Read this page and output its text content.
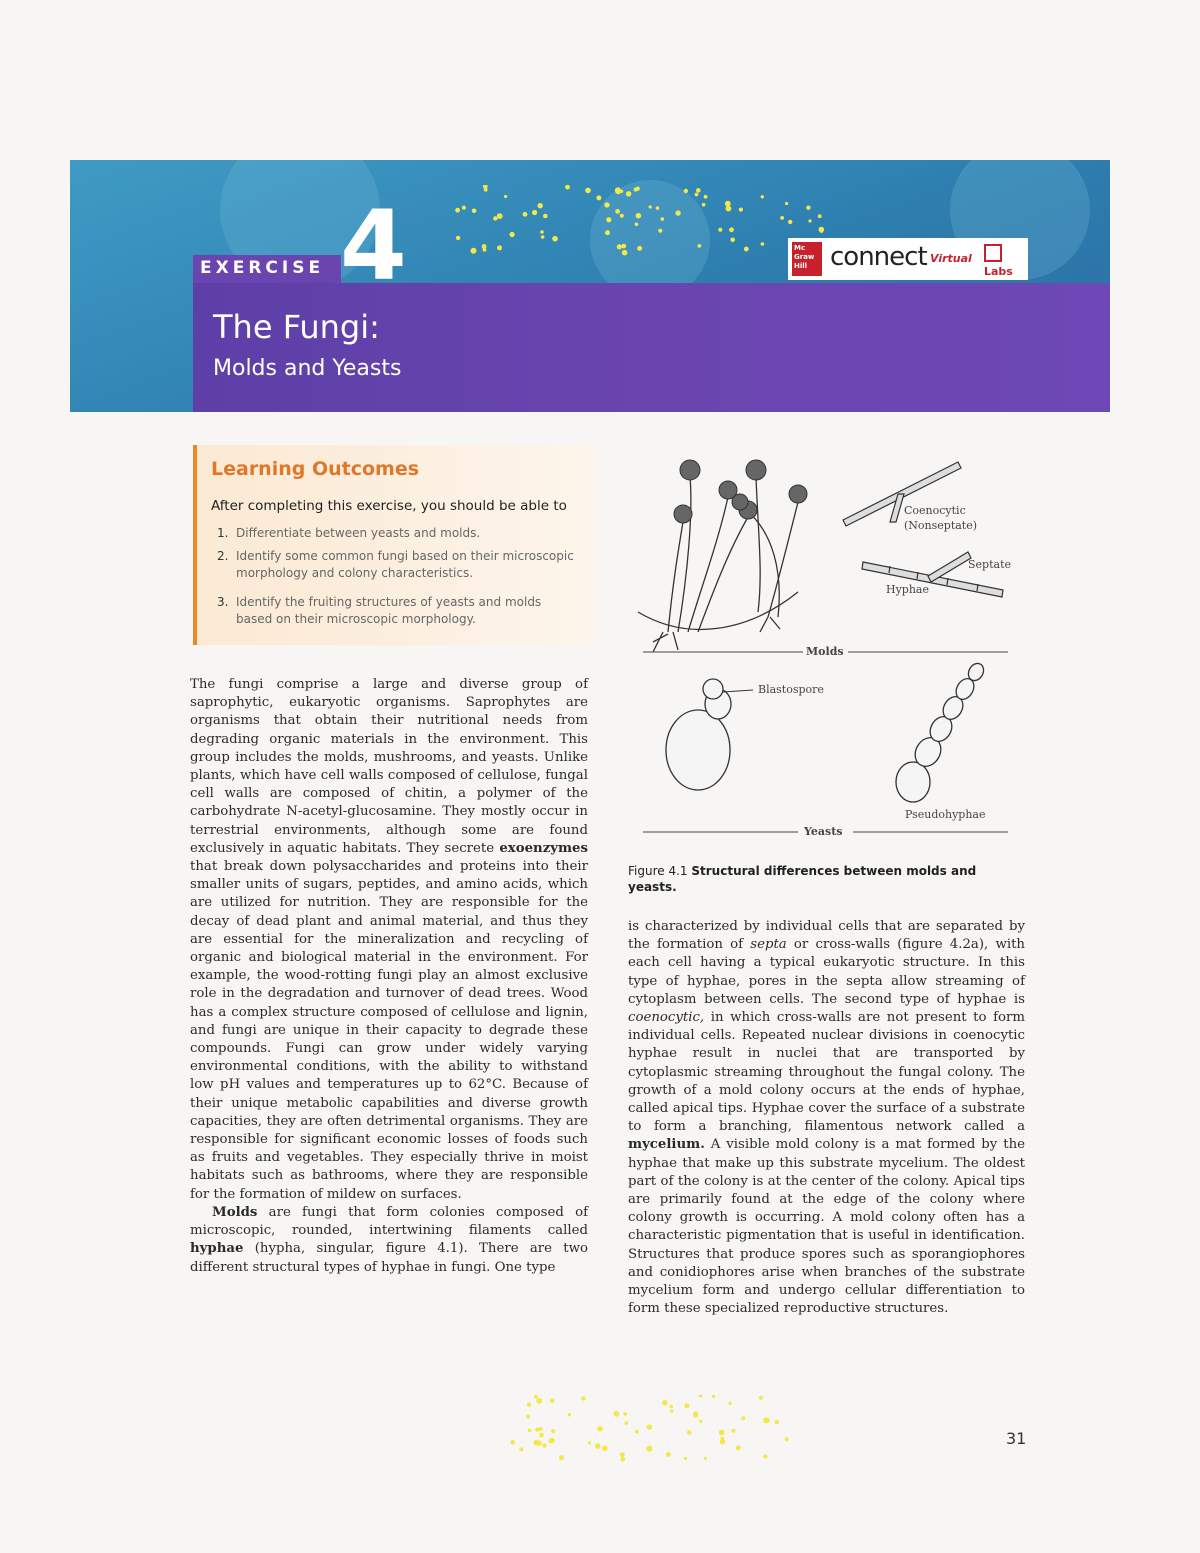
EXERCISE 4	Mc Graw Hill connect Virtual
Labs
The Fungi:
Molds and Yeasts
Learning Outcomes
After completing this exercise, you should be able to
1. Differentiate between yeasts and molds.
2. Identify some common fungi based on their microscopic morphology and colony characteristics.
3. Identify the fruiting structures of yeasts and molds based on their microscopic morphology.
Coenocytic
(Nonseptate)
Septate
Hyphae
Molds
Blastospore
Pseudohyphae
Yeasts
Figure 4.1 Structural differences between molds and yeasts.

The fungi comprise a large and diverse group of saprophytic, eukaryotic organisms. Saprophytes are organisms that obtain their nutritional needs from degrading organic materials in the environment. This group includes the molds, mushrooms, and yeasts. Unlike plants, which have cell walls composed of cellulose, fungal cell walls are composed of chitin, a polymer of the carbohydrate N-acetyl-glucosamine. They mostly occur in terrestrial environments, although some are found exclusively in aquatic habitats. They secrete exoenzymes that break down polysaccharides and proteins into their smaller units of sugars, peptides, and amino acids, which are utilized for nutrition. They are responsible for the decay of dead plant and animal material, and thus they are essential for the mineralization and recycling of organic and biological material in the environment. For example, the wood-rotting fungi play an almost exclusive role in the degradation and turnover of dead trees. Wood has a complex structure composed of cellulose and lignin, and fungi are unique in their capacity to degrade these compounds. Fungi can grow under widely varying environmental conditions, with the ability to withstand low pH values and temperatures up to 62°C. Because of their unique metabolic capabilities and diverse growth capacities, they are often detrimental organisms. They are responsible for significant economic losses of foods such as fruits and vegetables. They especially thrive in moist habitats such as bathrooms, where they are responsible for the formation of mildew on surfaces.

Molds are fungi that form colonies composed of microscopic, rounded, intertwining filaments called hyphae (hypha, singular, figure 4.1). There are two different structural types of hyphae in fungi. One type

is characterized by individual cells that are separated by the formation of septa or cross-walls (figure 4.2a), with each cell having a typical eukaryotic structure. In this type of hyphae, pores in the septa allow streaming of cytoplasm between cells. The second type of hyphae is coenocytic, in which cross-walls are not present to form individual cells. Repeated nuclear divisions in coenocytic hyphae result in nuclei that are transported by cytoplasmic streaming throughout the fungal colony. The growth of a mold colony occurs at the ends of hyphae, called apical tips. Hyphae cover the surface of a substrate to form a branching, filamentous network called a mycelium. A visible mold colony is a mat formed by the hyphae that make up this substrate mycelium. The oldest part of the colony is at the center of the colony. Apical tips are primarily found at the edge of the colony where colony growth is occurring. A mold colony often has a characteristic pigmentation that is useful in identification. Structures that produce spores such as sporangiophores and conidiophores arise when branches of the substrate mycelium form and undergo cellular differentiation to form these specialized reproductive structures.

31
